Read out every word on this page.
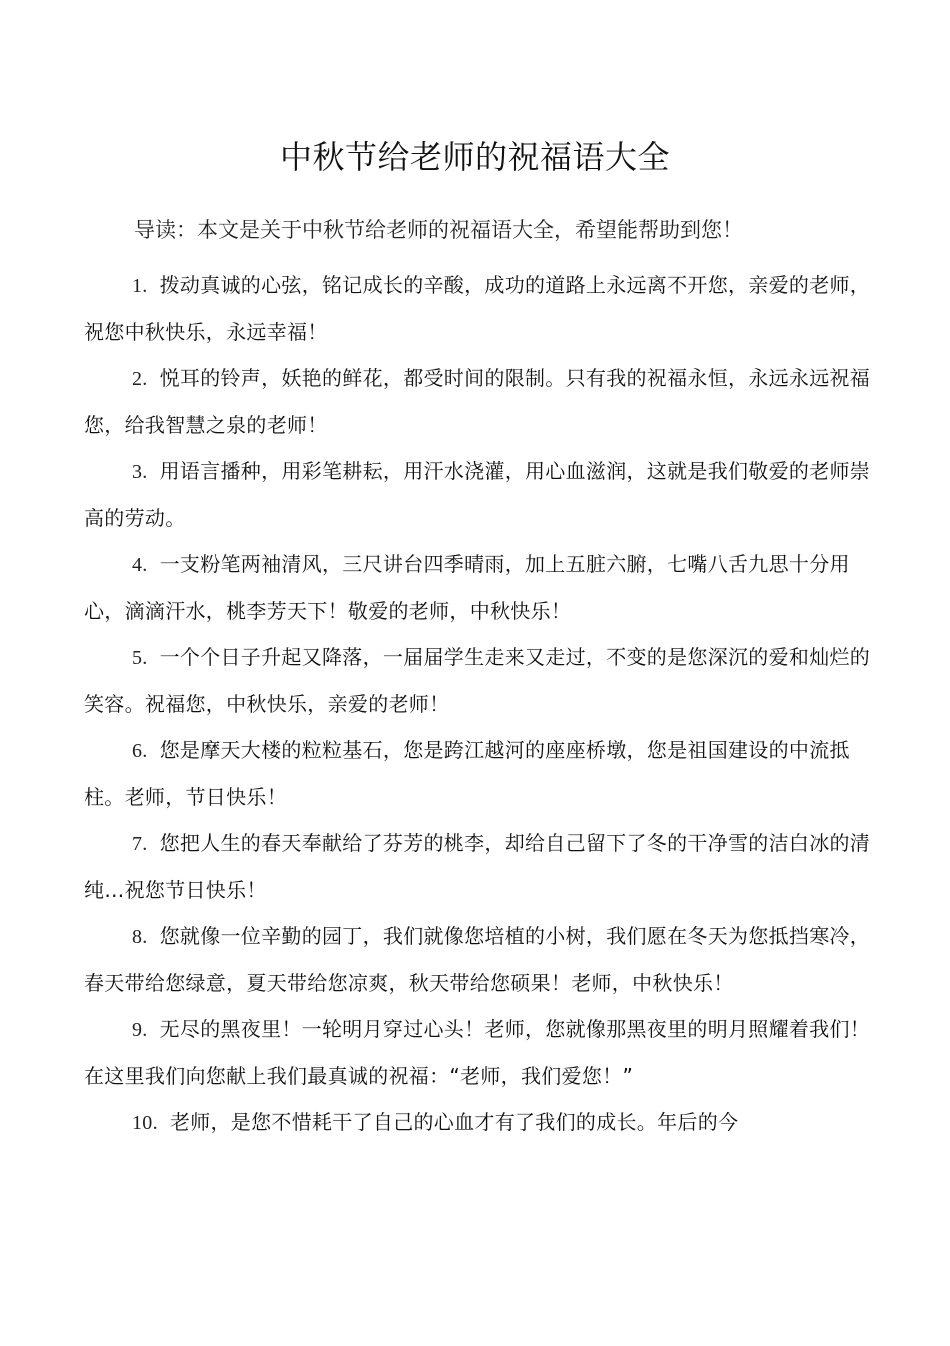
中秋节给老师的祝福语大全
导读：本文是关于中秋节给老师的祝福语大全，希望能帮助到您！

1. 拨动真诚的心弦，铭记成长的辛酸，成功的道路上永远离不开您，亲爱的老师，祝您中秋快乐，永远幸福！

2. 悦耳的铃声，妖艳的鲜花，都受时间的限制。只有我的祝福永恒，永远永远祝福您，给我智慧之泉的老师！

3. 用语言播种，用彩笔耕耘，用汗水浇灌，用心血滋润，这就是我们敬爱的老师崇高的劳动。

4. 一支粉笔两袖清风，三尺讲台四季晴雨，加上五脏六腑，七嘴八舌九思十分用心，滴滴汗水，桃李芳天下！敬爱的老师，中秋快乐！

5. 一个个日子升起又降落，一届届学生走来又走过，不变的是您深沉的爱和灿烂的笑容。祝福您，中秋快乐，亲爱的老师！

6. 您是摩天大楼的粒粒基石，您是跨江越河的座座桥墩，您是祖国建设的中流抵柱。老师，节日快乐！

7. 您把人生的春天奉献给了芬芳的桃李，却给自己留下了冬的干净雪的洁白冰的清纯…祝您节日快乐！

8. 您就像一位辛勤的园丁，我们就像您培植的小树，我们愿在冬天为您抵挡寒冷，春天带给您绿意，夏天带给您凉爽，秋天带给您硕果！老师，中秋快乐！

9. 无尽的黑夜里！一轮明月穿过心头！老师，您就像那黑夜里的明月照耀着我们！在这里我们向您献上我们最真诚的祝福：“老师，我们爱您！”

10. 老师，是您不惜耗干了自己的心血才有了我们的成长。年后的今
